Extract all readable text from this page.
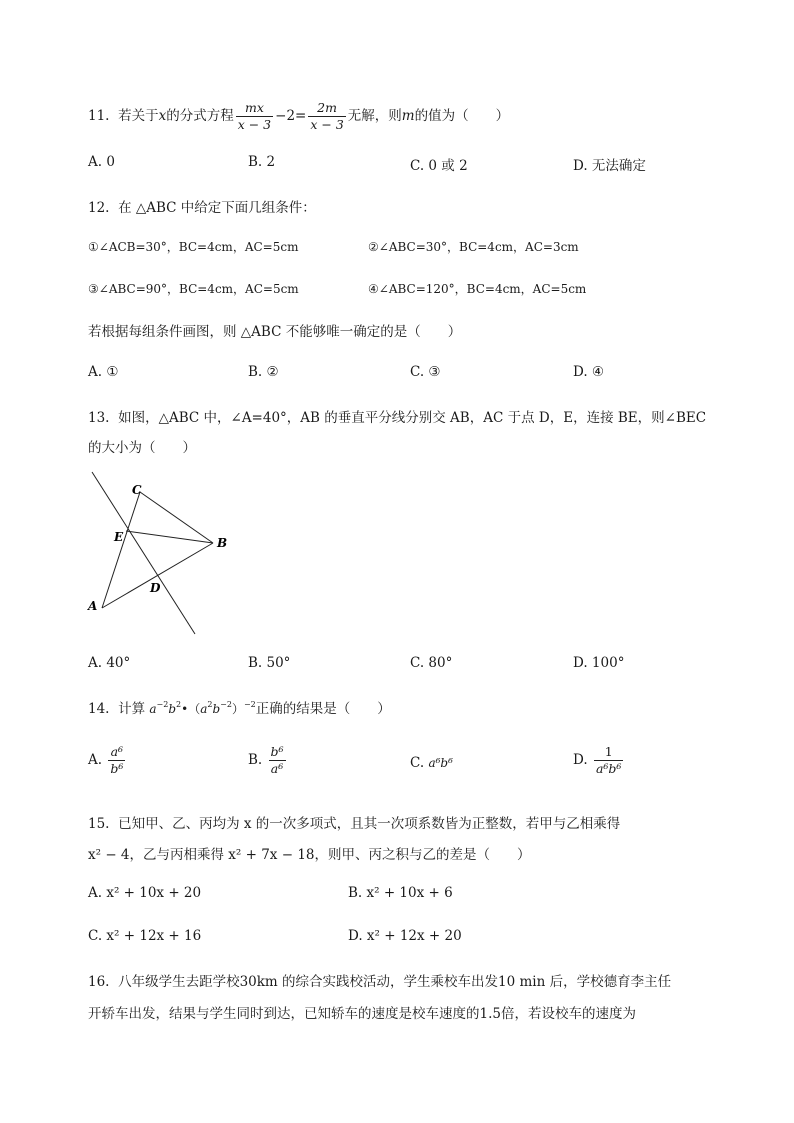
11. 若关于x的分式方程 $\frac{mx}{x - 3} -2= \frac{2m}{x - 3}$ 无解，则m的值为（　　）
A. 0	B. 2	C. 0 或 2	D. 无法确定
12. 在 △ABC 中给定下面几组条件：
①∠ACB=30°，BC=4cm，AC=5cm	②∠ABC=30°，BC=4cm，AC=3cm
③∠ABC=90°，BC=4cm，AC=5cm	④∠ABC=120°，BC=4cm，AC=5cm
若根据每组条件画图，则 △ABC 不能够唯一确定的是（　　）
A. ①	B. ②	C. ③	D. ④
13. 如图，△ABC 中，∠A=40°，AB 的垂直平分线分别交 AB，AC 于点 D，E，连接 BE，则∠BEC
的大小为（　　）
C
E	B
D
A
A. 40°	B. 50°	C. 80°	D. 100°
14. 计算 $a^{-2}b^2•(a^2b^{-2})^{-2}$正确的结果是（　　）
A. $\frac{\text{a⁶}}{\text{b⁶}}$	B. $\frac{\text{b⁶}}{\text{a⁶}}$	C. a⁶b⁶	D. $\frac{1}{\text{a⁶b⁶}}$
15. 已知甲、乙、丙均为 x 的一次多项式，且其一次项系数皆为正整数，若甲与乙相乘得
x² − 4，乙与丙相乘得 x² + 7x − 18，则甲、丙之积与乙的差是（　　）
A. x² + 10x + 20	B. x² + 10x + 6
C. x² + 12x + 16	D. x² + 12x + 20
16. 八年级学生去距学校30km 的综合实践校活动，学生乘校车出发10 min 后，学校德育李主任
开轿车出发，结果与学生同时到达，已知轿车的速度是校车速度的1.5倍，若设校车的速度为
